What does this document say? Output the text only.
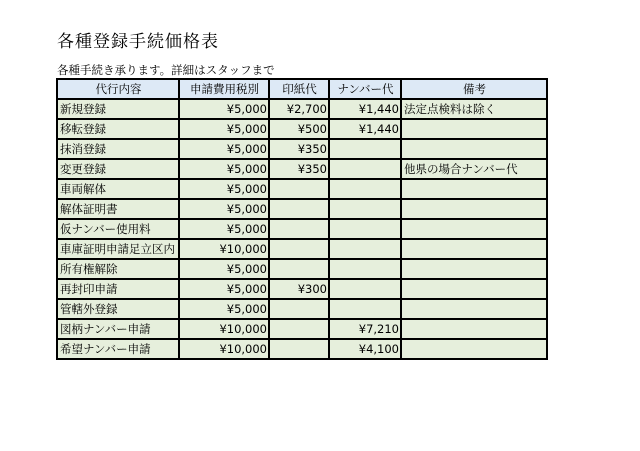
各種登録手続価格表
各種手続き承ります。詳細はスタッフまで
代行内容	申請費用税別	印紙代	ナンバー代	備考
新規登録	¥5,000	¥2,700	¥1,440	法定点検料は除く
移転登録	¥5,000	¥500	¥1,440	
抹消登録	¥5,000	¥350		
変更登録	¥5,000	¥350		他県の場合ナンバー代
車両解体	¥5,000			
解体証明書	¥5,000			
仮ナンバー使用料	¥5,000			
車庫証明申請足立区内	¥10,000			
所有権解除	¥5,000			
再封印申請	¥5,000	¥300		
管轄外登録	¥5,000			
図柄ナンバー申請	¥10,000		¥7,210	
希望ナンバー申請	¥10,000		¥4,100	
